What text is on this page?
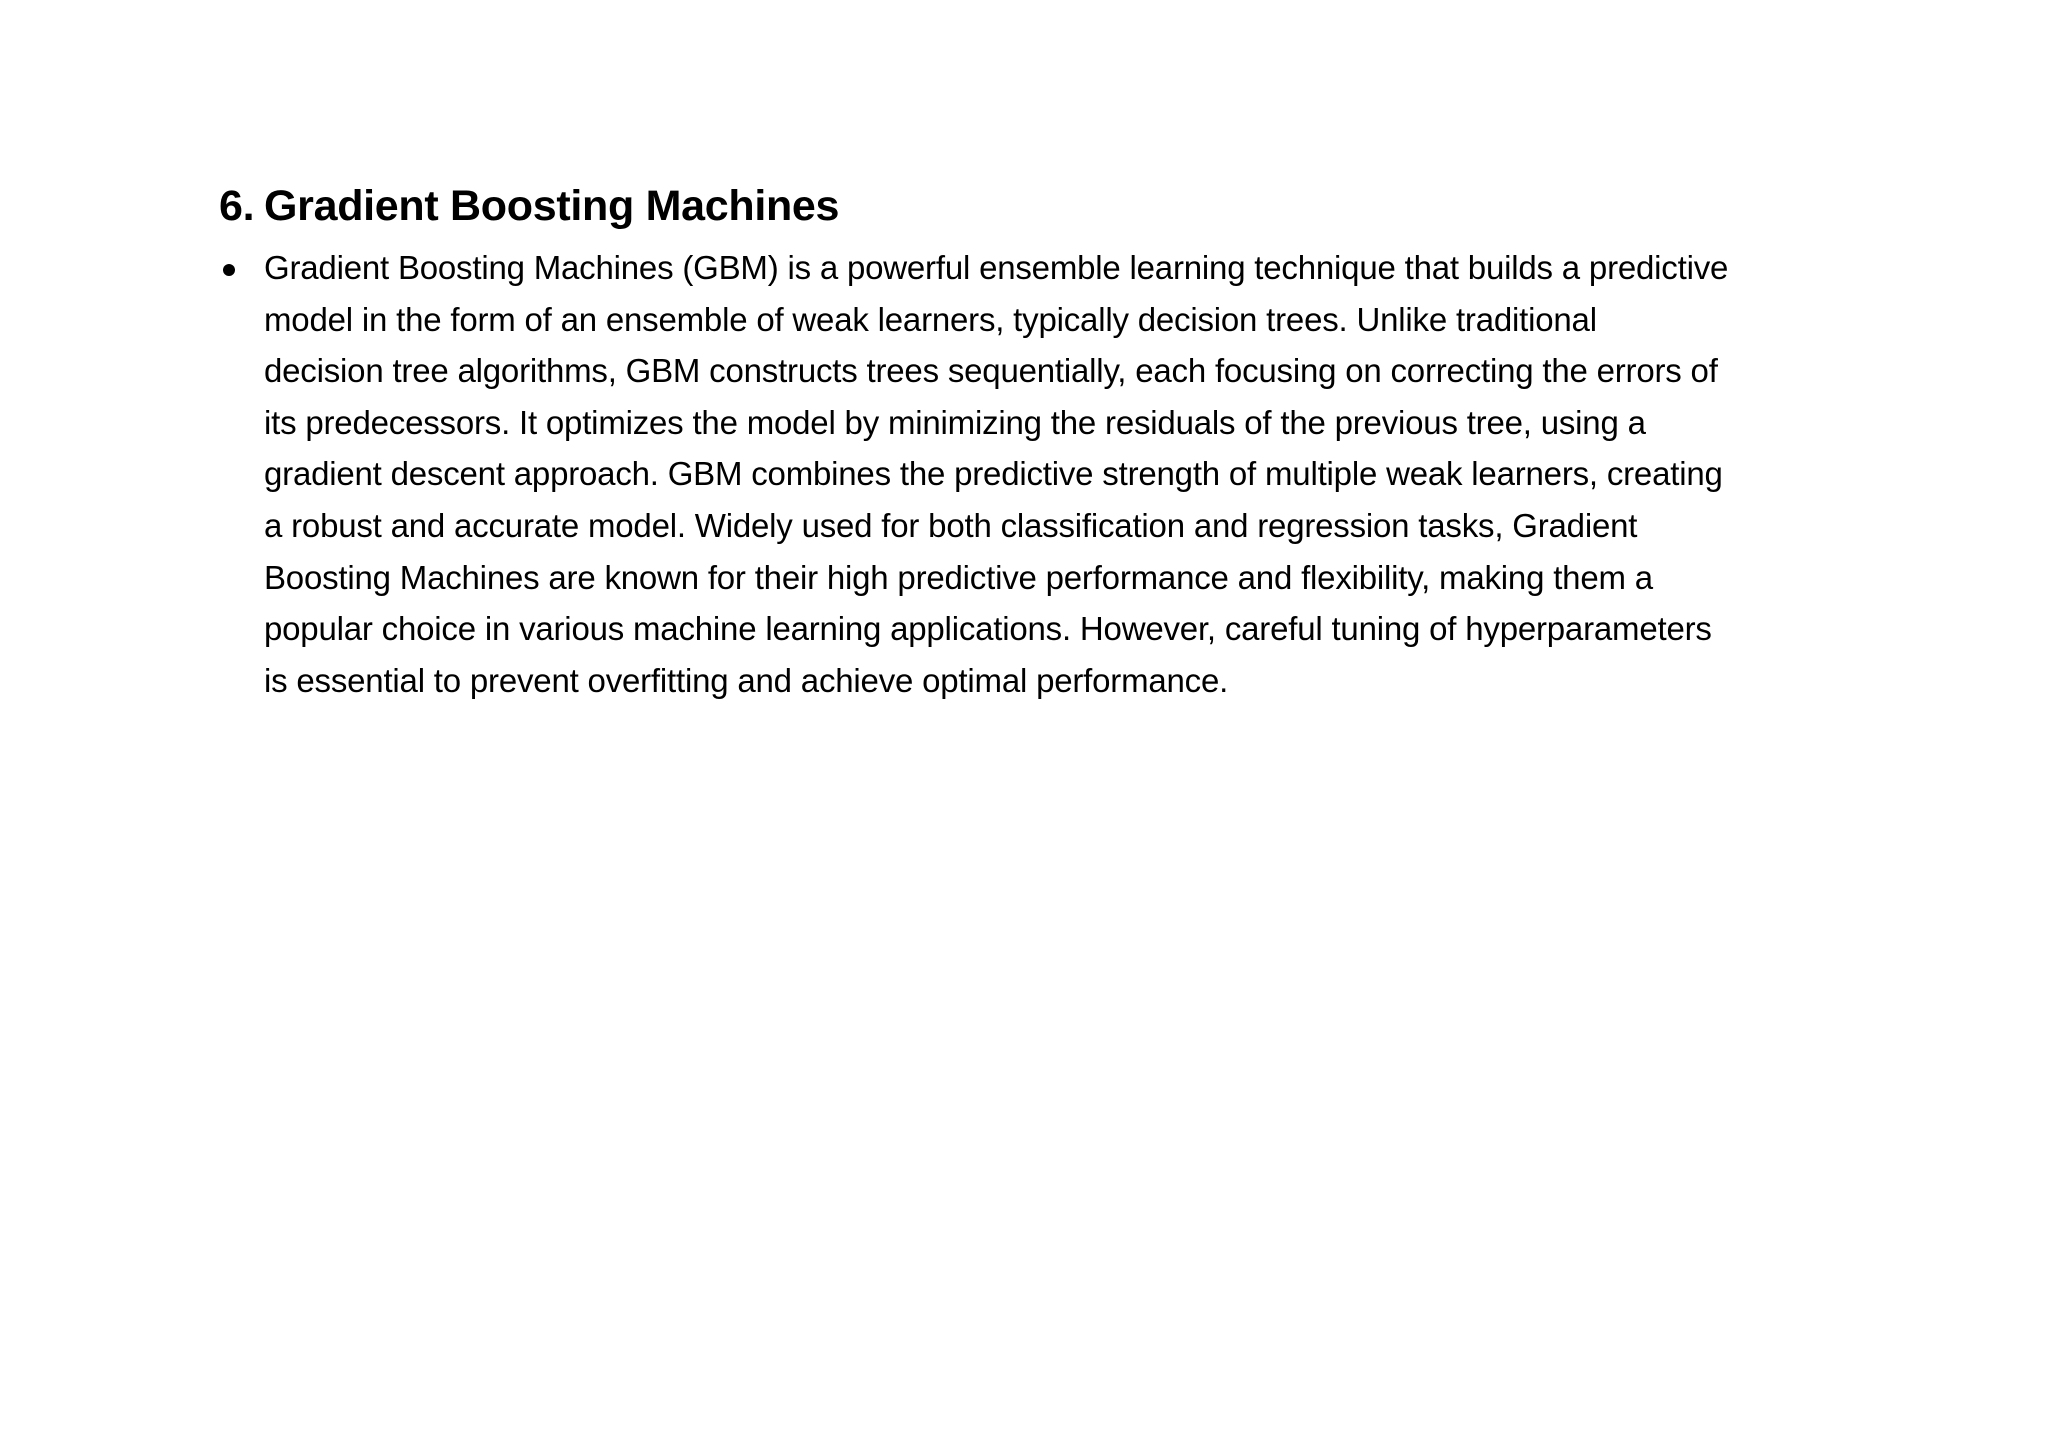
6. Gradient Boosting Machines
Gradient Boosting Machines (GBM) is a powerful ensemble learning technique that builds a predictive
model in the form of an ensemble of weak learners, typically decision trees. Unlike traditional
decision tree algorithms, GBM constructs trees sequentially, each focusing on correcting the errors of
its predecessors. It optimizes the model by minimizing the residuals of the previous tree, using a
gradient descent approach. GBM combines the predictive strength of multiple weak learners, creating
a robust and accurate model. Widely used for both classification and regression tasks, Gradient
Boosting Machines are known for their high predictive performance and flexibility, making them a
popular choice in various machine learning applications. However, careful tuning of hyperparameters
is essential to prevent overfitting and achieve optimal performance.
